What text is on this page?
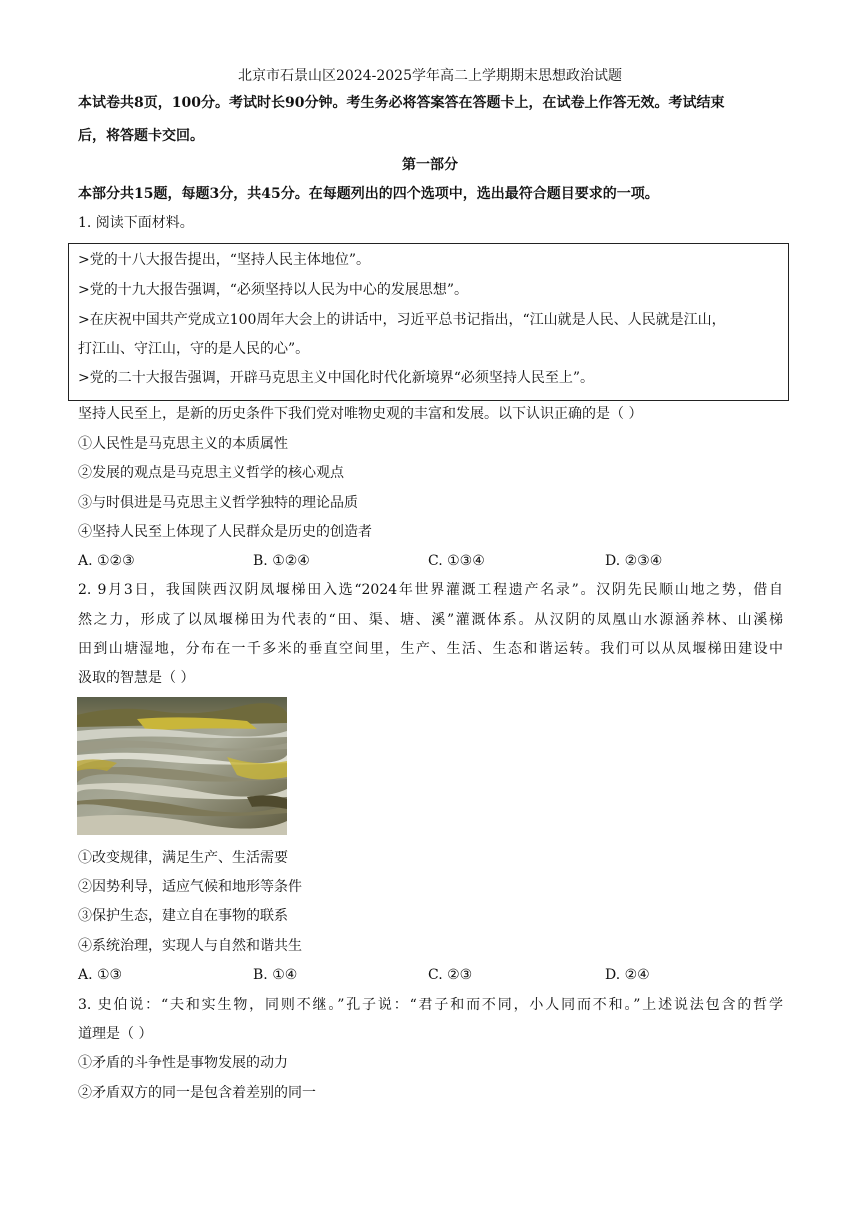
北京市石景山区2024-2025学年高二上学期期末思想政治试题
本试卷共8页，100分。考试时长90分钟。考生务必将答案答在答题卡上，在试卷上作答无效。考试结束
后，将答题卡交回。
第一部分
本部分共15题，每题3分，共45分。在每题列出的四个选项中，选出最符合题目要求的一项。
1. 阅读下面材料。
>党的十八大报告提出，“坚持人民主体地位”。
>党的十九大报告强调，“必须坚持以人民为中心的发展思想”。
>在庆祝中国共产党成立100周年大会上的讲话中，习近平总书记指出，“江山就是人民、人民就是江山，
打江山、守江山，守的是人民的心”。
>党的二十大报告强调，开辟马克思主义中国化时代化新境界“必须坚持人民至上”。
坚持人民至上，是新的历史条件下我们党对唯物史观的丰富和发展。以下认识正确的是（ ）
①人民性是马克思主义的本质属性
②发展的观点是马克思主义哲学的核心观点
③与时俱进是马克思主义哲学独特的理论品质
④坚持人民至上体现了人民群众是历史的创造者
A. ①②③	B. ①②④	C. ①③④	D. ②③④
2. 9月3日，我国陕西汉阴凤堰梯田入选“2024年世界灌溉工程遗产名录”。汉阴先民顺山地之势，借自
然之力，形成了以凤堰梯田为代表的“田、渠、塘、溪”灌溉体系。从汉阴的凤凰山水源涵养林、山溪梯
田到山塘湿地，分布在一千多米的垂直空间里，生产、生活、生态和谐运转。我们可以从凤堰梯田建设中
汲取的智慧是（ ）
①改变规律，满足生产、生活需要
②因势利导，适应气候和地形等条件
③保护生态，建立自在事物的联系
④系统治理，实现人与自然和谐共生
A. ①③	B. ①④	C. ②③	D. ②④
3. 史伯说：“夫和实生物，同则不继。”孔子说：“君子和而不同，小人同而不和。”上述说法包含的哲学
道理是（ ）
①矛盾的斗争性是事物发展的动力
②矛盾双方的同一是包含着差别的同一
